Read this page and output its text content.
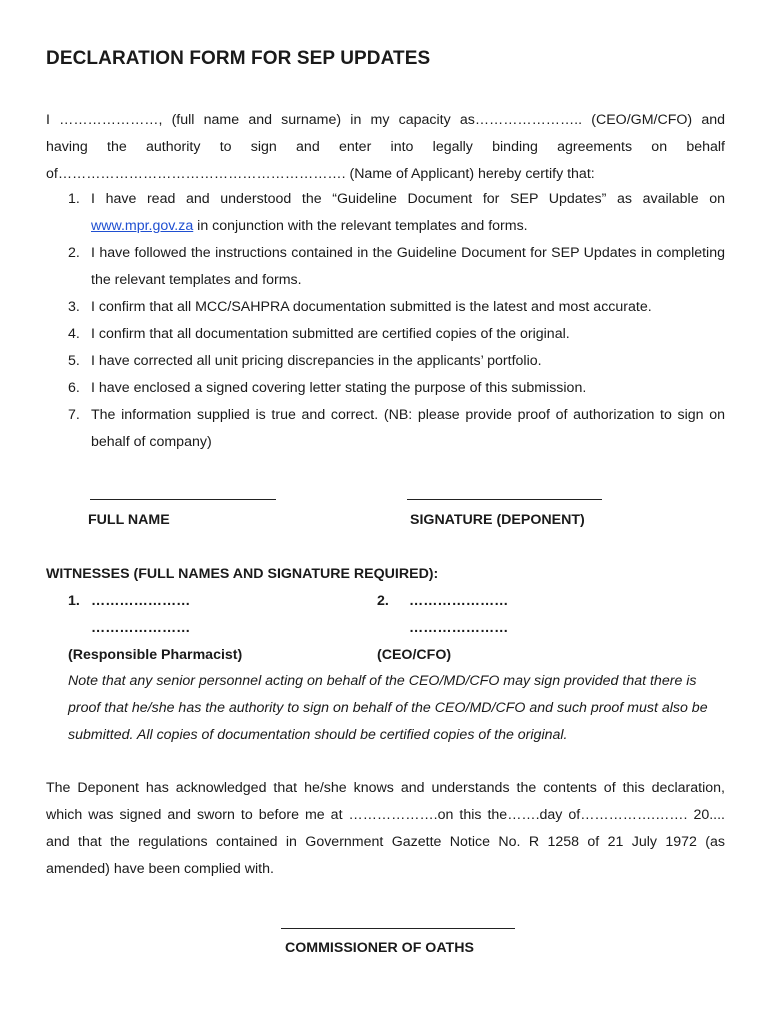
DECLARATION FORM FOR SEP UPDATES
I …………………, (full name and surname) in my capacity as………………….. (CEO/GM/CFO) and
having the authority to sign and enter into legally binding agreements on behalf
of……………………………………………………. (Name of Applicant) hereby certify that:
1. I have read and understood the “Guideline Document for SEP Updates” as available on www.mpr.gov.za in conjunction with the relevant templates and forms.
2. I have followed the instructions contained in the Guideline Document for SEP Updates in completing the relevant templates and forms.
3. I confirm that all MCC/SAHPRA documentation submitted is the latest and most accurate.
4. I confirm that all documentation submitted are certified copies of the original.
5. I have corrected all unit pricing discrepancies in the applicants’ portfolio.
6. I have enclosed a signed covering letter stating the purpose of this submission.
7. The information supplied is true and correct. (NB: please provide proof of authorization to sign on behalf of company)
FULL NAME	SIGNATURE (DEPONENT)
WITNESSES (FULL NAMES AND SIGNATURE REQUIRED):
1. …………………
…………………
(Responsible Pharmacist)
2. …………………
…………………
(CEO/CFO)
Note that any senior personnel acting on behalf of the CEO/MD/CFO may sign provided that there is proof that he/she has the authority to sign on behalf of the CEO/MD/CFO and such proof must also be submitted. All copies of documentation should be certified copies of the original.
The Deponent has acknowledged that he/she knows and understands the contents of this declaration,
which was signed and sworn to before me at ……………….on this the…….day of…………….……. 20....
and that the regulations contained in Government Gazette Notice No. R 1258 of 21 July 1972 (as
amended) have been complied with.
COMMISSIONER OF OATHS
